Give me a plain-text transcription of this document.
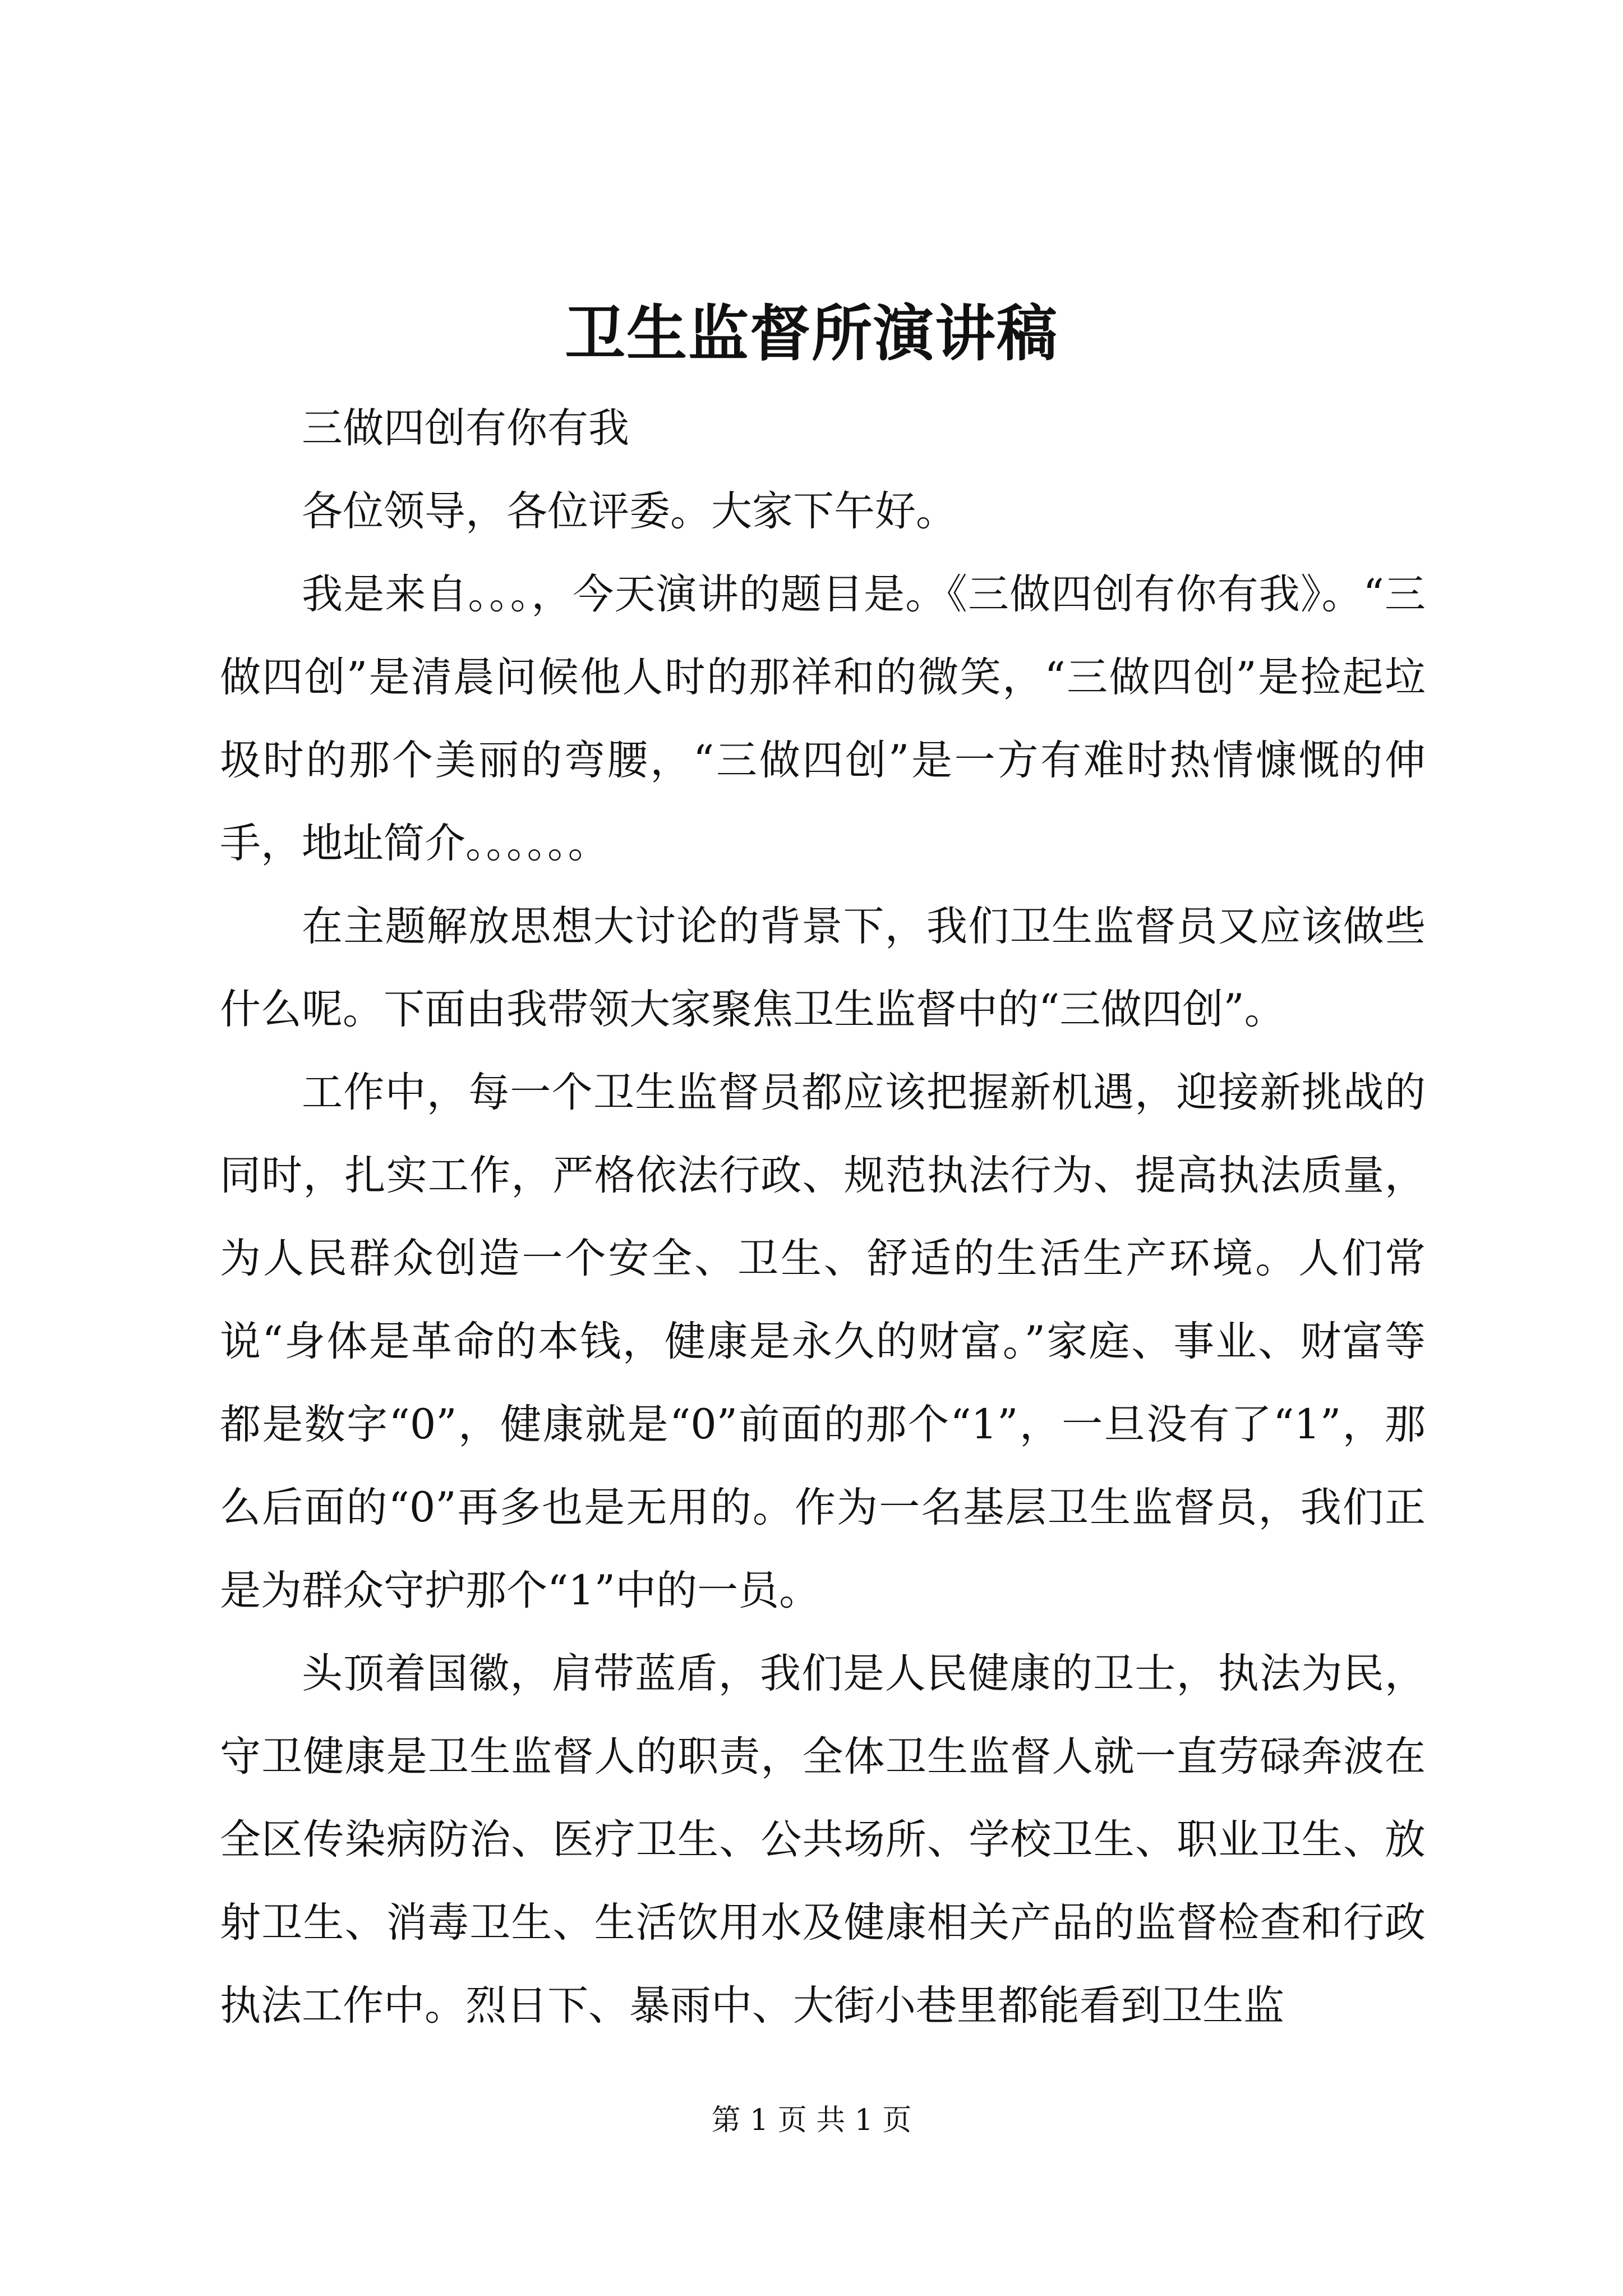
卫生监督所演讲稿

三做四创有你有我

各位领导，各位评委。大家下午好。

我是来自。。。，今天演讲的题目是。《三做四创有你有我》。“三做四创”是清晨问候他人时的那祥和的微笑，“三做四创”是捡起垃圾时的那个美丽的弯腰，“三做四创”是一方有难时热情慷慨的伸手，地址简介。。。。。。

在主题解放思想大讨论的背景下，我们卫生监督员又应该做些什么呢。下面由我带领大家聚焦卫生监督中的“三做四创”。

工作中，每一个卫生监督员都应该把握新机遇，迎接新挑战的同时，扎实工作，严格依法行政、规范执法行为、提高执法质量，为人民群众创造一个安全、卫生、舒适的生活生产环境。人们常说“身体是革命的本钱，健康是永久的财富。”家庭、事业、财富等都是数字“0”，健康就是“0”前面的那个“1”，一旦没有了“1”，那么后面的“0”再多也是无用的。作为一名基层卫生监督员，我们正是为群众守护那个“1”中的一员。

头顶着国徽，肩带蓝盾，我们是人民健康的卫士，执法为民，守卫健康是卫生监督人的职责，全体卫生监督人就一直劳碌奔波在全区传染病防治、医疗卫生、公共场所、学校卫生、职业卫生、放射卫生、消毒卫生、生活饮用水及健康相关产品的监督检查和行政执法工作中。烈日下、暴雨中、大街小巷里都能看到卫生监

第 1 页 共 1 页
